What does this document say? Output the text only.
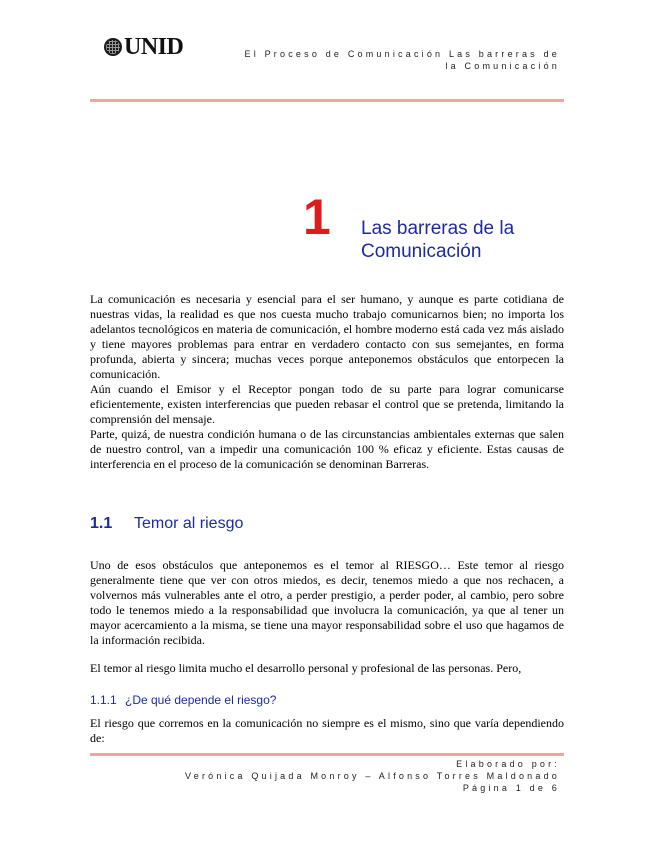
UNID	El Proceso de Comunicación Las barreras de
la Comunicación
1 Las barreras de la
Comunicación

La comunicación es necesaria y esencial para el ser humano, y aunque es parte cotidiana de nuestras vidas, la realidad es que nos cuesta mucho trabajo comunicarnos bien; no importa los adelantos tecnológicos en materia de comunicación, el hombre moderno está cada vez más aislado y tiene mayores problemas para entrar en verdadero contacto con sus semejantes, en forma profunda, abierta y sincera; muchas veces porque anteponemos obstáculos que entorpecen la comunicación.

Aún cuando el Emisor y el Receptor pongan todo de su parte para lograr comunicarse eficientemente, existen interferencias que pueden rebasar el control que se pretenda, limitando la comprensión del mensaje.

Parte, quizá, de nuestra condición humana o de las circunstancias ambientales externas que salen de nuestro control, van a impedir una comunicación 100 % eficaz y eficiente. Estas causas de interferencia en el proceso de la comunicación se denominan Barreras.

1.1 Temor al riesgo
Uno de esos obstáculos que anteponemos es el temor al RIESGO… Este temor al riesgo generalmente tiene que ver con otros miedos, es decir, tenemos miedo a que nos rechacen, a volvernos más vulnerables ante el otro, a perder prestigio, a perder poder, al cambio, pero sobre todo le tenemos miedo a la responsabilidad que involucra la comunicación, ya que al tener un mayor acercamiento a la misma, se tiene una mayor responsabilidad sobre el uso que hagamos de la información recibida.
El temor al riesgo limita mucho el desarrollo personal y profesional de las personas. Pero,
1.1.1 ¿De qué depende el riesgo?
El riesgo que corremos en la comunicación no siempre es el mismo, sino que varía dependiendo de:
Elaborado por:
Verónica Quijada Monroy – Alfonso Torres Maldonado
Página 1 de 6
